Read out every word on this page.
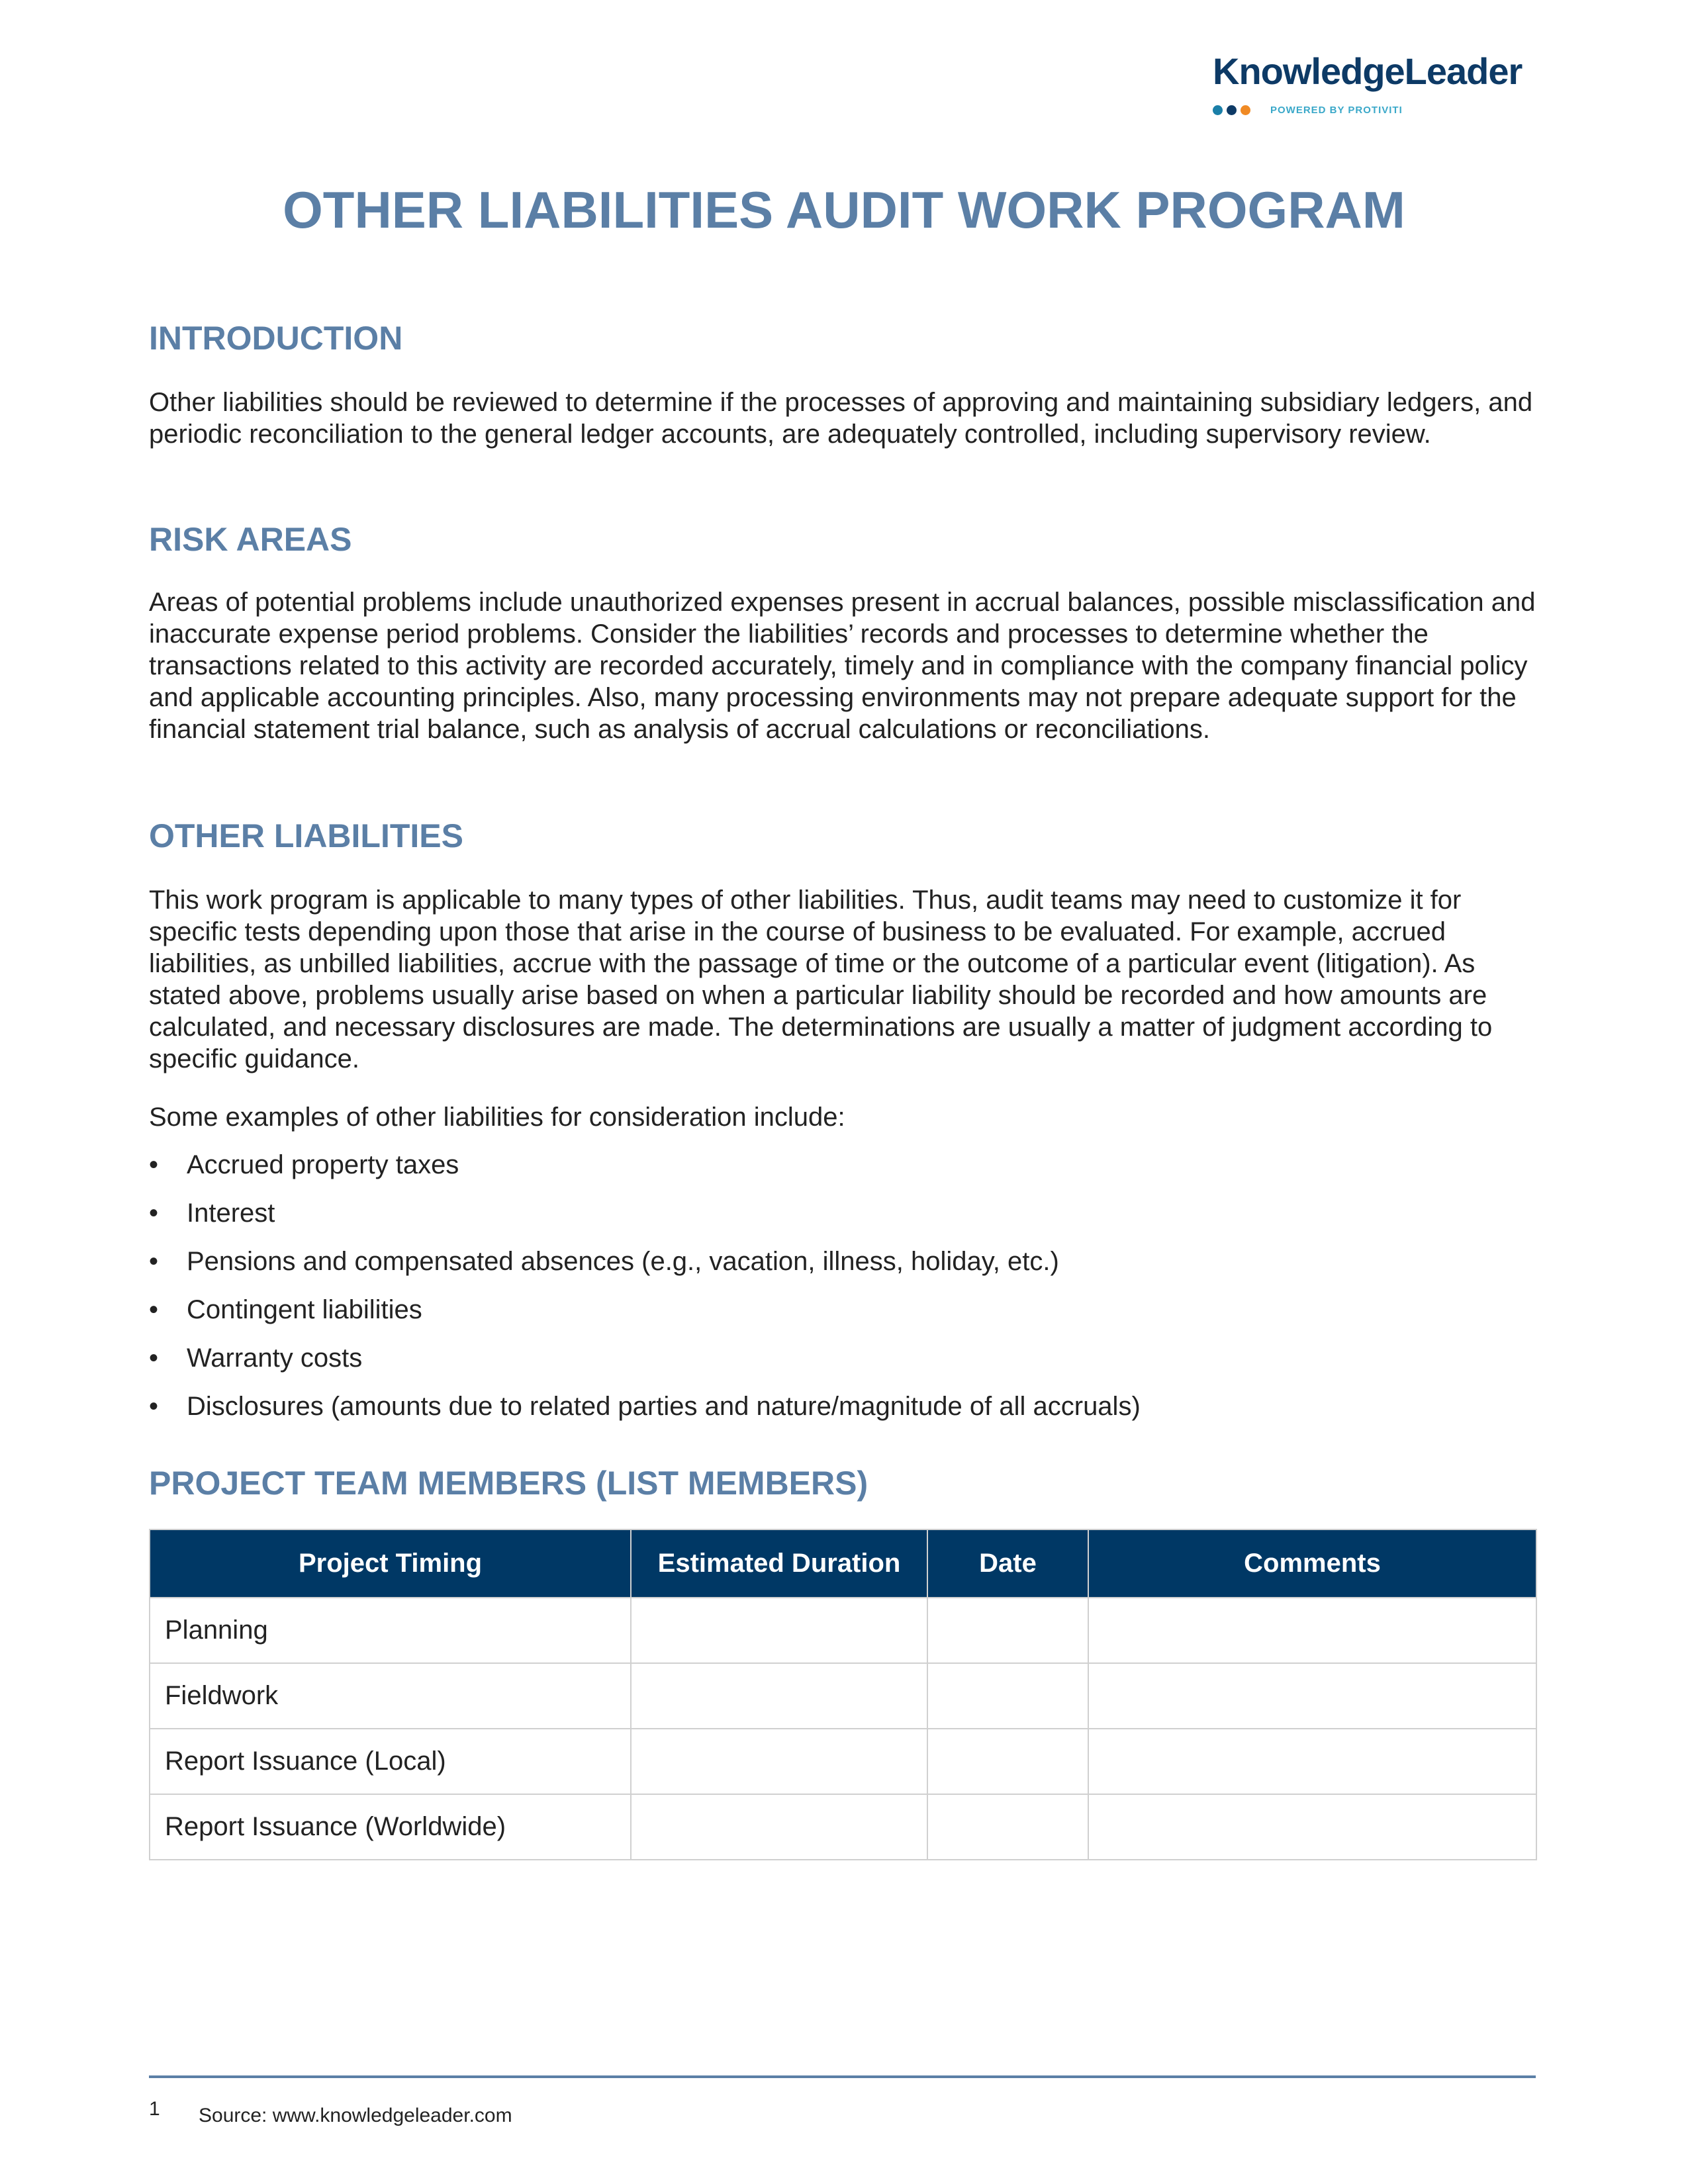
KnowledgeLeader
POWERED BY PROTIVITI
OTHER LIABILITIES AUDIT WORK PROGRAM
INTRODUCTION

Other liabilities should be reviewed to determine if the processes of approving and maintaining subsidiary ledgers, and periodic reconciliation to the general ledger accounts, are adequately controlled, including supervisory review.

RISK AREAS

Areas of potential problems include unauthorized expenses present in accrual balances, possible misclassification and inaccurate expense period problems. Consider the liabilities’ records and processes to determine whether the transactions related to this activity are recorded accurately, timely and in compliance with the company financial policy and applicable accounting principles. Also, many processing environments may not prepare adequate support for the financial statement trial balance, such as analysis of accrual calculations or reconciliations.

OTHER LIABILITIES

This work program is applicable to many types of other liabilities. Thus, audit teams may need to customize it for specific tests depending upon those that arise in the course of business to be evaluated. For example, accrued liabilities, as unbilled liabilities, accrue with the passage of time or the outcome of a particular event (litigation). As stated above, problems usually arise based on when a particular liability should be recorded and how amounts are calculated, and necessary disclosures are made. The determinations are usually a matter of judgment according to specific guidance.

Some examples of other liabilities for consideration include:

• Accrued property taxes
• Interest
• Pensions and compensated absences (e.g., vacation, illness, holiday, etc.)
• Contingent liabilities
• Warranty costs
• Disclosures (amounts due to related parties and nature/magnitude of all accruals)
PROJECT TEAM MEMBERS (LIST MEMBERS)
Project Timing	Estimated Duration	Date	Comments
Planning			
Fieldwork			
Report Issuance (Local)			
Report Issuance (Worldwide)			
1 Source: www.knowledgeleader.com
